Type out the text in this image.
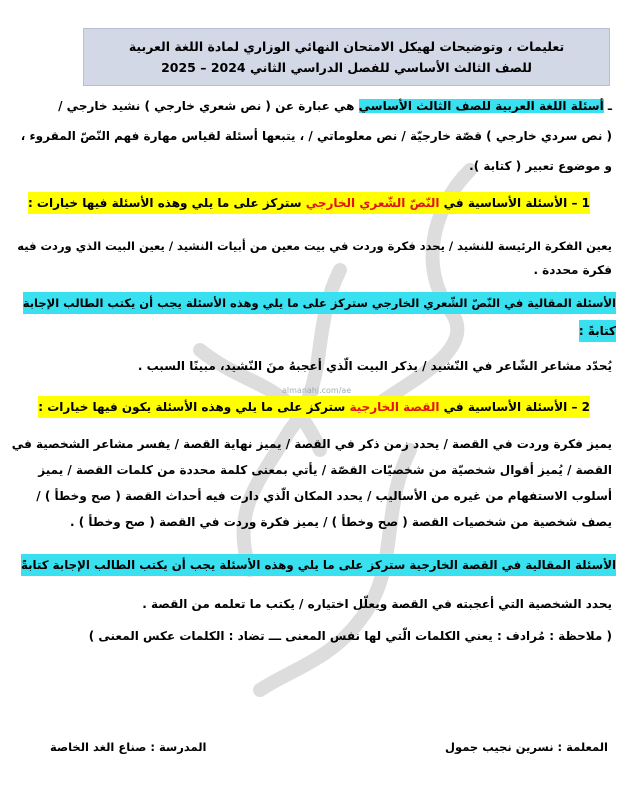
almanahj.com/ae
تعليمات ، وتوضيحات لهيكل الامتحان النهائي الوزاري لمادة اللغة العربية
للصف الثالث الأساسي للفصل الدراسي الثاني 2024 – 2025
ـ أسئلة اللغة العربية للصف الثالث الأساسي هي عبارة عن ( نص شعري خارجي ) نشيد خارجي /
( نص سردي خارجي ) قصّة خارجيّة / نص معلوماتي / ، يتبعها أسئلة لقياس مهارة فهم النّصّ المقروء ،
و موضوع تعبير ( كتابة ).
1 – الأسئلة الأساسية في النّصّ الشّعري الخارجي ستركز على ما يلي وهذه الأسئلة فيها خيارات :
يعين الفكرة الرئيسة للنشيد / يحدد فكرة وردت في بيت معين من أبيات النشيد / يعين البيت الذي وردت فيه
فكرة محددة .
الأسئلة المقالية في النّصّ الشّعري الخارجي ستركز على ما يلي وهذه الأسئلة يجب أن يكتب الطالب الإجابة
كتابةً :
يُحدّد مشاعر الشّاعر في النّشيد / يذكر البيت الّذي أعجبهُ منَ النّشيد، مبينًا السبب .
2 – الأسئلة الأساسية في القصة الخارجية ستركز على ما يلي وهذه الأسئلة يكون فيها خيارات :
يميز فكرة وردت في القصة / يحدد زمن ذكر في القصة / يميز نهاية القصة / يفسر مشاعر الشخصية في
القصة / يُميز أقوال شخصيّة من شخصيّات القصّة / يأتي بمعنى كلمة محددة من كلمات القصة / يميز
أسلوب الاستفهام من غيره من الأساليب / يحدد المكان الّذي دارت فيه أحداث القصة ( صح وخطأ ) /
يصف شخصية من شخصيات القصة ( صح وخطأ ) / يميز فكرة وردت في القصة ( صح وخطأ ) .
الأسئلة المقالية في القصة الخارجية ستركز على ما يلي وهذه الأسئلة يجب أن يكتب الطالب الإجابة كتابةً
يحدد الشخصية التي أعجبته في القصة ويعلّل اختياره / يكتب ما تعلمه من القصة .
( ملاحظة : مُرادف : يعني الكلمات الّتي لها نفس المعنى ـــ تضاد : الكلمات عكس المعنى )
المعلمة : نسرين نجيب جمول
المدرسة : صناع الغد الخاصة
